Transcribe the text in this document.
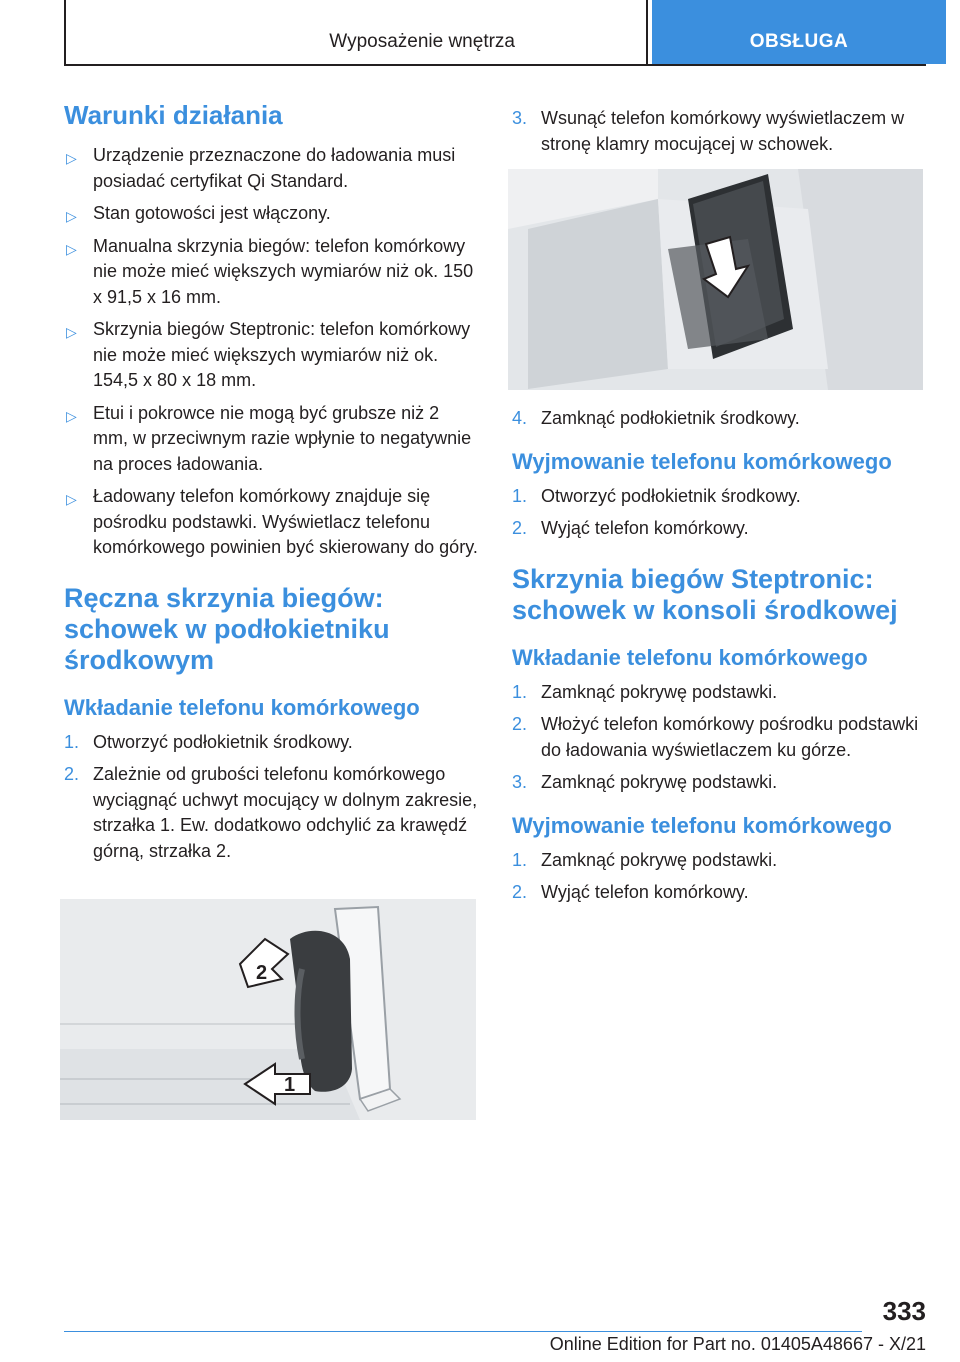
Wyposażenie wnętrza	OBSŁUGA
Warunki działania
▷ Urządzenie przeznaczone do ładowania musi posiadać certyfikat Qi Standard.
▷ Stan gotowości jest włączony.
▷ Manualna skrzynia biegów: telefon komórkowy nie może mieć większych wymiarów niż ok. 150 x 91,5 x 16 mm.
▷ Skrzynia biegów Steptronic: telefon komórkowy nie może mieć większych wymiarów niż ok. 154,5 x 80 x 18 mm.
▷ Etui i pokrowce nie mogą być grubsze niż 2 mm, w przeciwnym razie wpłynie to negatywnie na proces ładowania.
▷ Ładowany telefon komórkowy znajduje się pośrodku podstawki. Wyświetlacz telefonu komórkowego powinien być skierowany do góry.
Ręczna skrzynia biegów: schowek w podłokietniku środkowym
Wkładanie telefonu komórkowego
1. Otworzyć podłokietnik środkowy.
2. Zależnie od grubości telefonu komórkowego wyciągnąć uchwyt mocujący w dolnym zakresie, strzałka 1. Ew. dodatkowo odchylić za krawędź górną, strzałka 2.
2
1
3. Wsunąć telefon komórkowy wyświetlaczem w stronę klamry mocującej w schowek.
4. Zamknąć podłokietnik środkowy.
Wyjmowanie telefonu komórkowego
1. Otworzyć podłokietnik środkowy.
2. Wyjąć telefon komórkowy.
Skrzynia biegów Steptronic: schowek w konsoli środkowej
Wkładanie telefonu komórkowego
1. Zamknąć pokrywę podstawki.
2. Włożyć telefon komórkowy pośrodku podstawki do ładowania wyświetlaczem ku górze.
3. Zamknąć pokrywę podstawki.
Wyjmowanie telefonu komórkowego
1. Zamknąć pokrywę podstawki.
2. Wyjąć telefon komórkowy.
333
Online Edition for Part no. 01405A48667 - X/21
